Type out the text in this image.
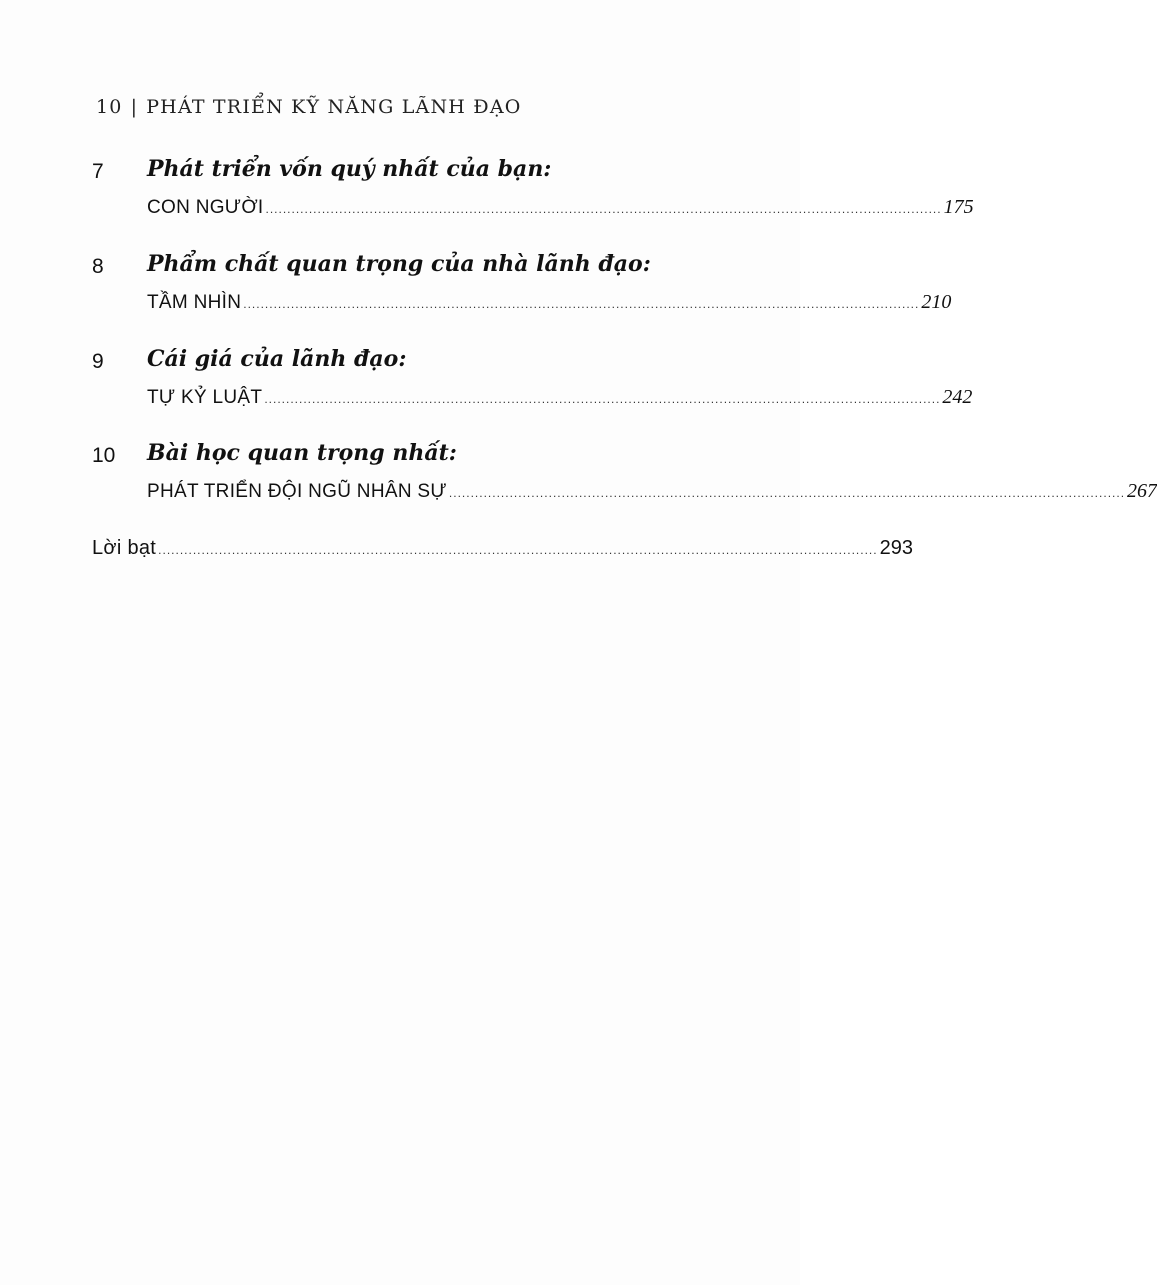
10 | PHÁT TRIỂN KỸ NĂNG LÃNH ĐẠO
7 Phát triển vốn quý nhất của bạn:
CON NGƯỜI ............................................................................................................................................................ 175
8 Phẩm chất quan trọng của nhà lãnh đạo:
TẦM NHÌN ............................................................................................................................................................ 210
9 Cái giá của lãnh đạo:
TỰ KỶ LUẬT ............................................................................................................................................................ 242
10 Bài học quan trọng nhất:
PHÁT TRIỂN ĐỘI NGŨ NHÂN SỰ ............................................................................................................................................................ 267
Lời bạt ...................................................................................................................................................................... 293
